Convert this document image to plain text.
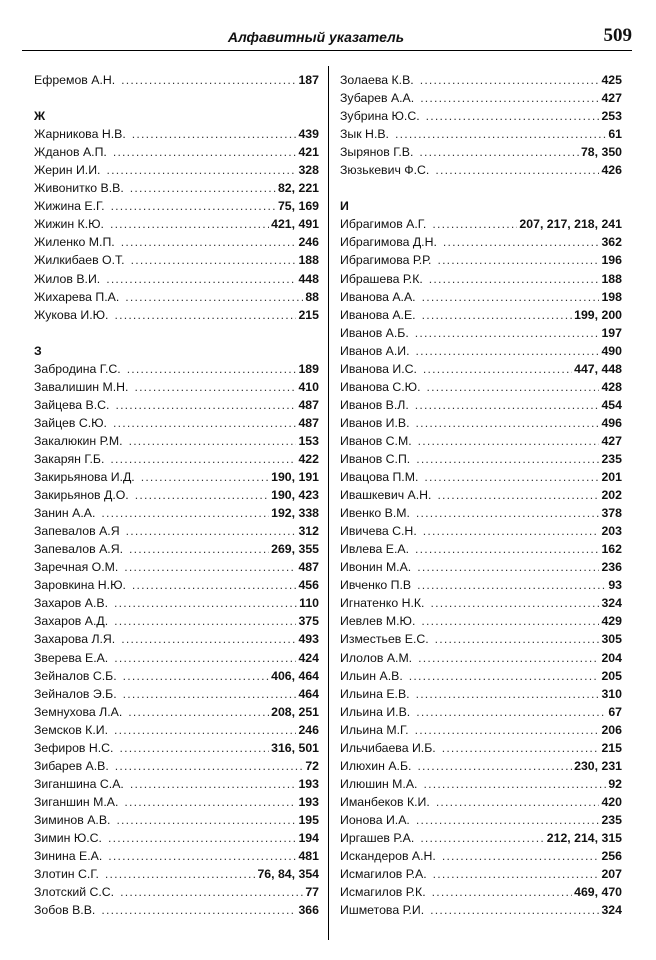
Алфавитный указатель	509
Ефремов А.Н. .....	187
Ж
Жарникова Н.В. .....	439
Жданов А.П. .....	421
Жерин И.И. .....	328
Живонитко В.В. .....	82, 221
Жижина Е.Г. .....	75, 169
Жижин К.Ю. .....	421, 491
Жиленко М.П. .....	246
Жилкибаев О.Т. .....	188
Жилов В.И. .....	448
Жихарева П.А. .....	88
Жукова И.Ю. .....	215
З
Забродина Г.С. .....	189
Завалишин М.Н. .....	410
Зайцева В.С. .....	487
Зайцев С.Ю. .....	487
Закалюкин Р.М. .....	153
Закарян Г.Б. .....	422
Закирьянова И.Д. .....	190, 191
Закирьянов Д.О. .....	190, 423
Занин А.А. .....	192, 338
Запевалов А.Я .....	312
Запевалов А.Я. .....	269, 355
Заречная О.М. .....	487
Заровкина Н.Ю. .....	456
Захаров А.В. .....	110
Захаров А.Д. .....	375
Захарова Л.Я. .....	493
Зверева Е.А. .....	424
Зейналов С.Б. .....	406, 464
Зейналов Э.Б. .....	464
Земнухова Л.А. .....	208, 251
Земсков К.И. .....	246
Зефиров Н.С. .....	316, 501
Зибарев А.В. .....	72
Зиганшина С.А. .....	193
Зиганшин М.А. .....	193
Зиминов А.В. .....	195
Зимин Ю.С. .....	194
Зинина Е.А. .....	481
Злотин С.Г. .....	76, 84, 354
Злотский С.С. .....	77
Зобов В.В. .....	366
Золаева К.В. .....	425
Зубарев А.А. .....	427
Зубрина Ю.С. .....	253
Зык Н.В. .....	61
Зырянов Г.В. .....	78, 350
Зюзькевич Ф.С. .....	426
И
Ибрагимов А.Г. .....	207, 217, 218, 241
Ибрагимова Д.Н. .....	362
Ибрагимова Р.Р. .....	196
Ибрашева Р.К. .....	188
Иванова А.А. .....	198
Иванова А.Е. .....	199, 200
Иванов А.Б. .....	197
Иванов А.И. .....	490
Иванова И.С. .....	447, 448
Иванова С.Ю. .....	428
Иванов В.Л. .....	454
Иванов И.В. .....	496
Иванов С.М. .....	427
Иванов С.П. .....	235
Ивацова П.М. .....	201
Ивашкевич А.Н. .....	202
Ивенко В.М. .....	378
Ивичева С.Н. .....	203
Ивлева Е.А. .....	162
Ивонин М.А. .....	236
Ивченко П.В .....	93
Игнатенко Н.К. .....	324
Иевлев М.Ю. .....	429
Изместьев Е.С. .....	305
Илолов А.М. .....	204
Ильин А.В. .....	205
Ильина Е.В. .....	310
Ильина И.В. .....	67
Ильина М.Г. .....	206
Ильчибаева И.Б. .....	215
Илюхин А.Б. .....	230, 231
Илюшин М.А. .....	92
Иманбеков К.И. .....	420
Ионова И.А. .....	235
Иргашев Р.А. .....	212, 214, 315
Искандеров А.Н. .....	256
Исмагилов Р.А. .....	207
Исмагилов Р.К. .....	469, 470
Ишметова Р.И. .....	324
